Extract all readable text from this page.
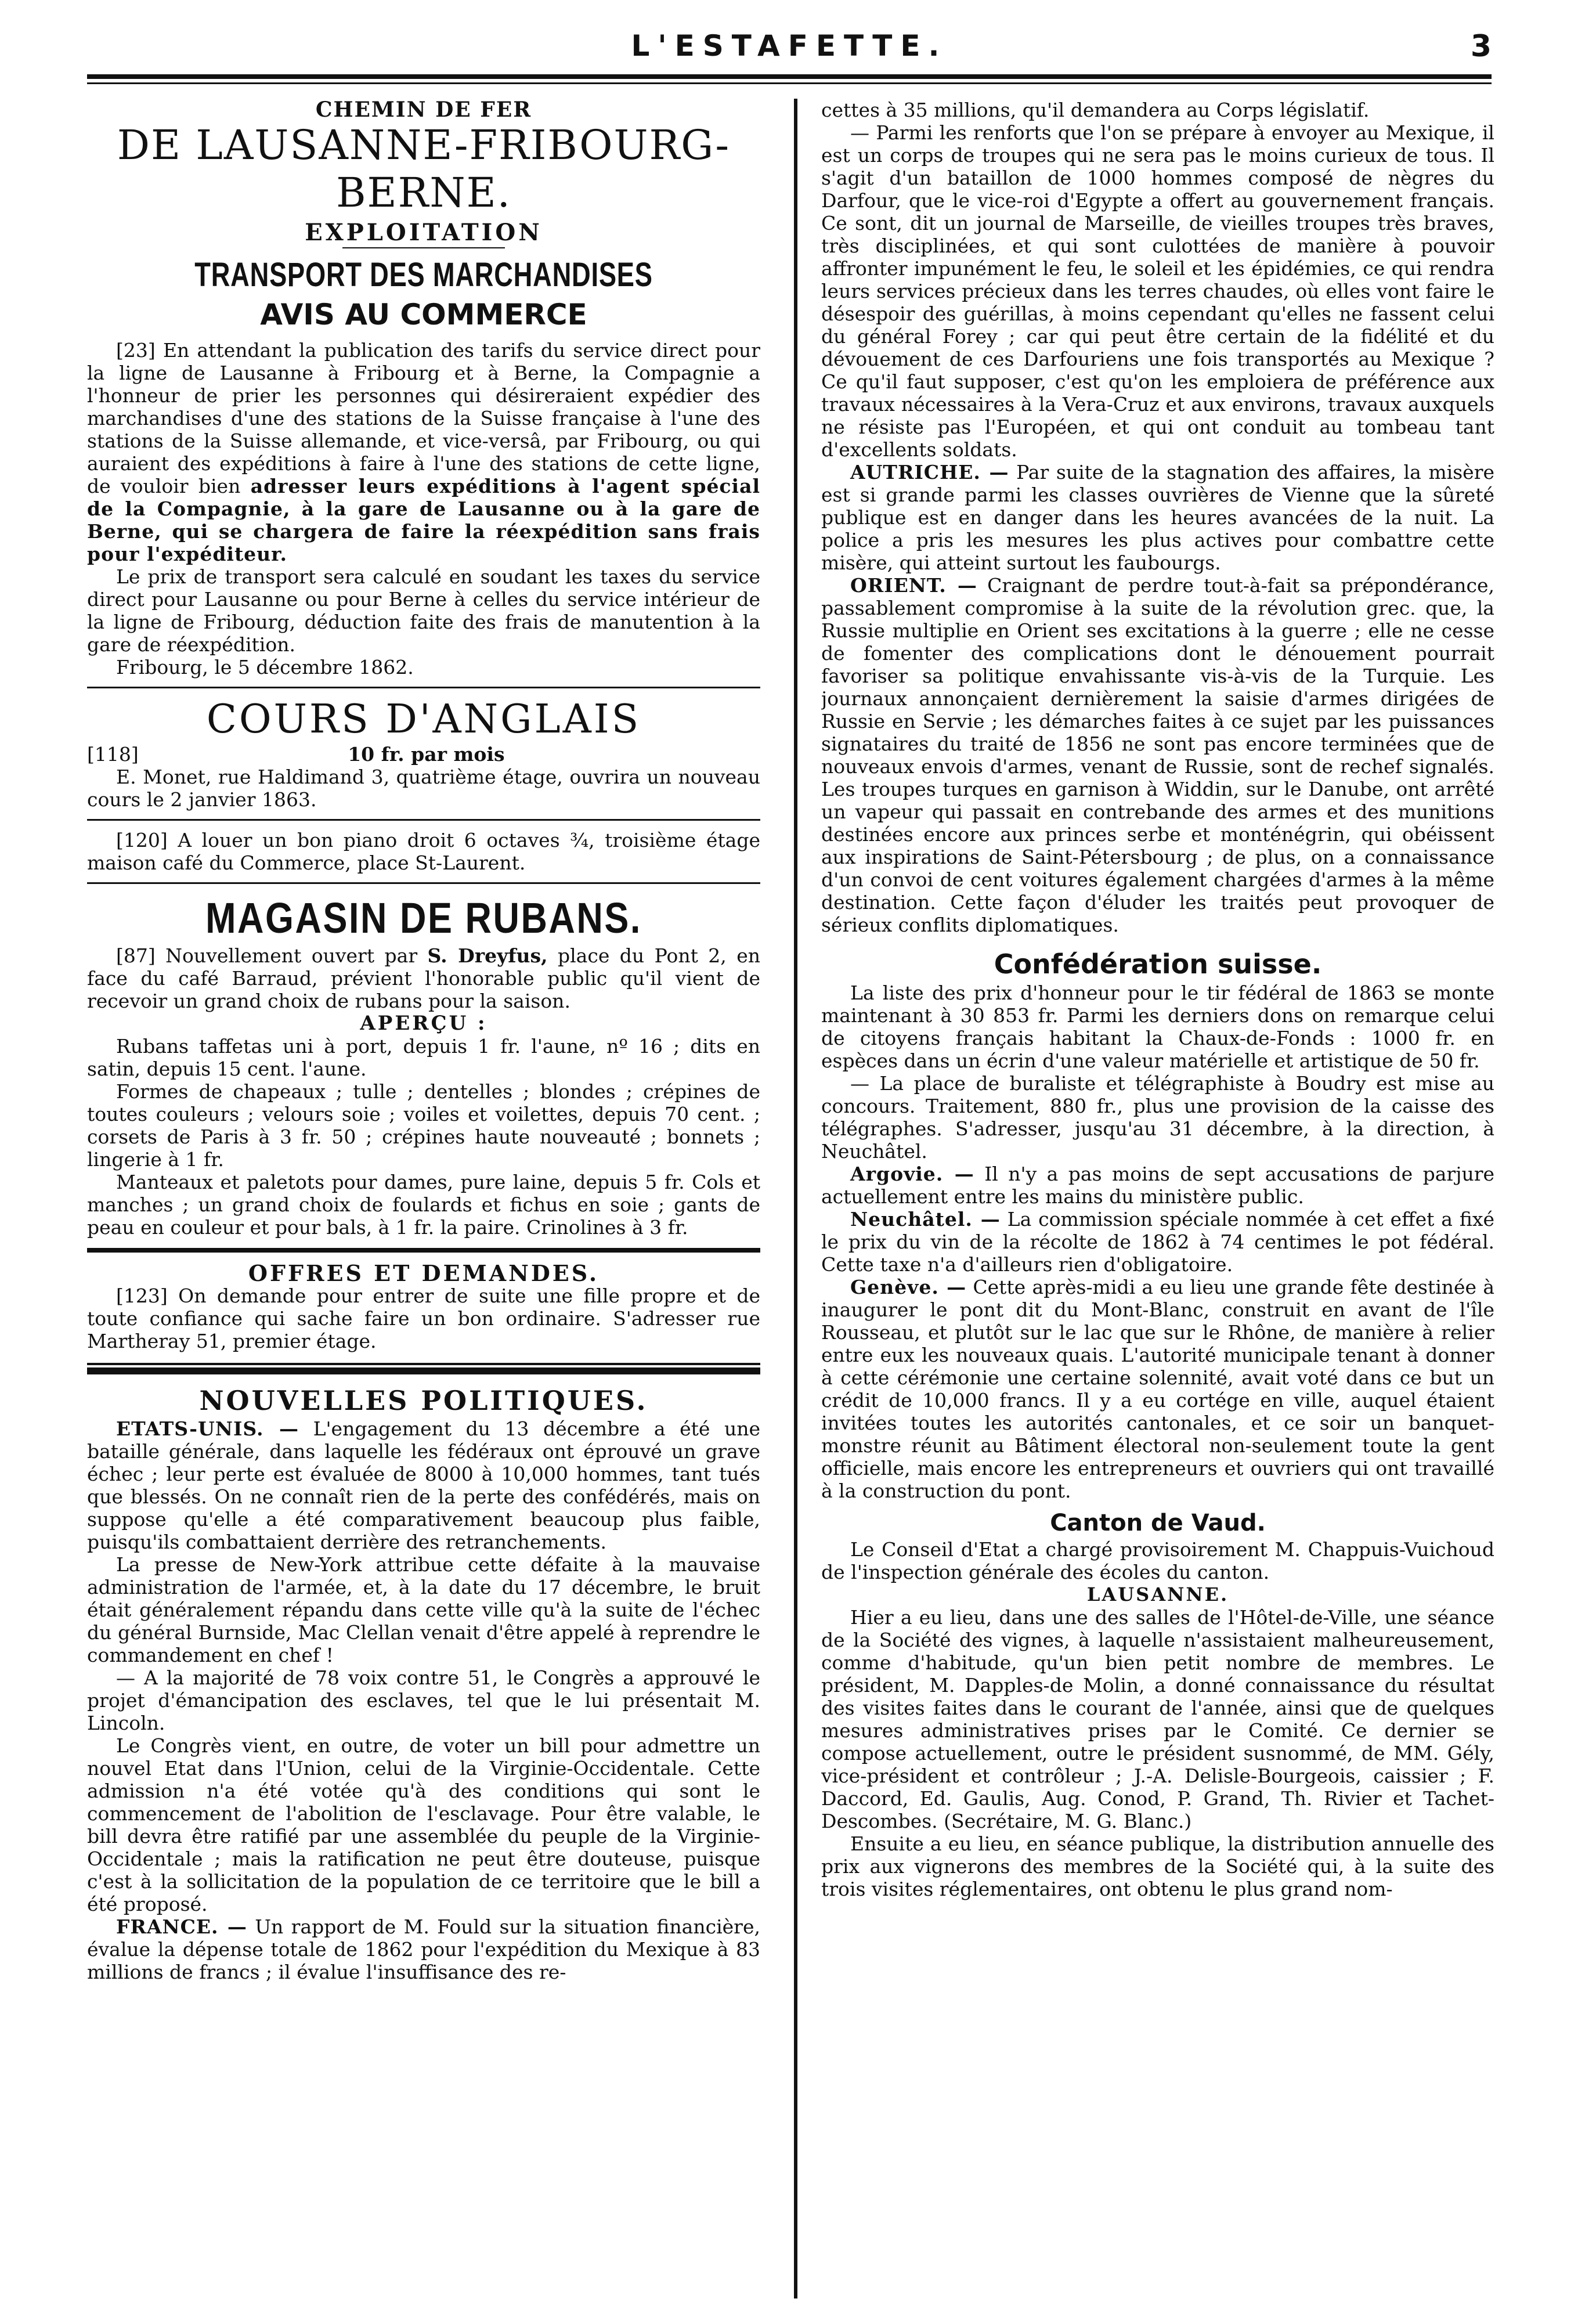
L'ESTAFETTE.	3
CHEMIN DE FER
DE LAUSANNE-FRIBOURG-BERNE.
EXPLOITATION
TRANSPORT DES MARCHANDISES
AVIS AU COMMERCE

[23] En attendant la publication des tarifs du service direct pour la ligne de Lausanne à Fribourg et à Berne, la Compagnie a l'honneur de prier les personnes qui désireraient expédier des marchandises d'une des stations de la Suisse française à l'une des stations de la Suisse allemande, et vice-versâ, par Fribourg, ou qui auraient des expéditions à faire à l'une des stations de cette ligne, de vouloir bien adresser leurs expéditions à l'agent spécial de la Compagnie, à la gare de Lausanne ou à la gare de Berne, qui se chargera de faire la réexpédition sans frais pour l'expéditeur.

Le prix de transport sera calculé en soudant les taxes du service direct pour Lausanne ou pour Berne à celles du service intérieur de la ligne de Fribourg, déduction faite des frais de manutention à la gare de réexpédition.

Fribourg, le 5 décembre 1862.

COURS D'ANGLAIS
[118]	10 fr. par mois

E. Monet, rue Haldimand 3, quatrième étage, ouvrira un nouveau cours le 2 janvier 1863.

[120] A louer un bon piano droit 6 octaves ¾, troisième étage maison café du Commerce, place St-Laurent.

MAGASIN DE RUBANS.

[87] Nouvellement ouvert par S. Dreyfus, place du Pont 2, en face du café Barraud, prévient l'honorable public qu'il vient de recevoir un grand choix de rubans pour la saison.

APERÇU :

Rubans taffetas uni à port, depuis 1 fr. l'aune, nº 16 ; dits en satin, depuis 15 cent. l'aune.

Formes de chapeaux ; tulle ; dentelles ; blondes ; crépines de toutes couleurs ; velours soie ; voiles et voilettes, depuis 70 cent. ; corsets de Paris à 3 fr. 50 ; crépines haute nouveauté ; bonnets ; lingerie à 1 fr.

Manteaux et paletots pour dames, pure laine, depuis 5 fr. Cols et manches ; un grand choix de foulards et fichus en soie ; gants de peau en couleur et pour bals, à 1 fr. la paire. Crinolines à 3 fr.

OFFRES ET DEMANDES.

[123] On demande pour entrer de suite une fille propre et de toute confiance qui sache faire un bon ordinaire. S'adresser rue Martheray 51, premier étage.

NOUVELLES POLITIQUES.

ETATS-UNIS. — L'engagement du 13 décembre a été une bataille générale, dans laquelle les fédéraux ont éprouvé un grave échec ; leur perte est évaluée de 8000 à 10,000 hommes, tant tués que blessés. On ne connaît rien de la perte des confédérés, mais on suppose qu'elle a été comparativement beaucoup plus faible, puisqu'ils combattaient derrière des retranchements.

La presse de New-York attribue cette défaite à la mauvaise administration de l'armée, et, à la date du 17 décembre, le bruit était généralement répandu dans cette ville qu'à la suite de l'échec du général Burnside, Mac Clellan venait d'être appelé à reprendre le commandement en chef !

— A la majorité de 78 voix contre 51, le Congrès a approuvé le projet d'émancipation des esclaves, tel que le lui présentait M. Lincoln.

Le Congrès vient, en outre, de voter un bill pour admettre un nouvel Etat dans l'Union, celui de la Virginie-Occidentale. Cette admission n'a été votée qu'à des conditions qui sont le commencement de l'abolition de l'esclavage. Pour être valable, le bill devra être ratifié par une assemblée du peuple de la Virginie-Occidentale ; mais la ratification ne peut être douteuse, puisque c'est à la sollicitation de la population de ce territoire que le bill a été proposé.

FRANCE. — Un rapport de M. Fould sur la situation financière, évalue la dépense totale de 1862 pour l'expédition du Mexique à 83 millions de francs ; il évalue l'insuffisance des re-

cettes à 35 millions, qu'il demandera au Corps législatif.

— Parmi les renforts que l'on se prépare à envoyer au Mexique, il est un corps de troupes qui ne sera pas le moins curieux de tous. Il s'agit d'un bataillon de 1000 hommes composé de nègres du Darfour, que le vice-roi d'Egypte a offert au gouvernement français. Ce sont, dit un journal de Marseille, de vieilles troupes très braves, très disciplinées, et qui sont culottées de manière à pouvoir affronter impunément le feu, le soleil et les épidémies, ce qui rendra leurs services précieux dans les terres chaudes, où elles vont faire le désespoir des guérillas, à moins cependant qu'elles ne fassent celui du général Forey ; car qui peut être certain de la fidélité et du dévouement de ces Darfouriens une fois transportés au Mexique ? Ce qu'il faut supposer, c'est qu'on les emploiera de préférence aux travaux nécessaires à la Vera-Cruz et aux environs, travaux auxquels ne résiste pas l'Européen, et qui ont conduit au tombeau tant d'excellents soldats.

AUTRICHE. — Par suite de la stagnation des affaires, la misère est si grande parmi les classes ouvrières de Vienne que la sûreté publique est en danger dans les heures avancées de la nuit. La police a pris les mesures les plus actives pour combattre cette misère, qui atteint surtout les faubourgs.

ORIENT. — Craignant de perdre tout-à-fait sa prépondérance, passablement compromise à la suite de la révolution grec. que, la Russie multiplie en Orient ses excitations à la guerre ; elle ne cesse de fomenter des complications dont le dénouement pourrait favoriser sa politique envahissante vis-à-vis de la Turquie. Les journaux annonçaient dernièrement la saisie d'armes dirigées de Russie en Servie ; les démarches faites à ce sujet par les puissances signataires du traité de 1856 ne sont pas encore terminées que de nouveaux envois d'armes, venant de Russie, sont de rechef signalés. Les troupes turques en garnison à Widdin, sur le Danube, ont arrêté un vapeur qui passait en contrebande des armes et des munitions destinées encore aux princes serbe et monténégrin, qui obéissent aux inspirations de Saint-Pétersbourg ; de plus, on a connaissance d'un convoi de cent voitures également chargées d'armes à la même destination. Cette façon d'éluder les traités peut provoquer de sérieux conflits diplomatiques.

Confédération suisse.

La liste des prix d'honneur pour le tir fédéral de 1863 se monte maintenant à 30 853 fr. Parmi les derniers dons on remarque celui de citoyens français habitant la Chaux-de-Fonds : 1000 fr. en espèces dans un écrin d'une valeur matérielle et artistique de 50 fr.

— La place de buraliste et télégraphiste à Boudry est mise au concours. Traitement, 880 fr., plus une provision de la caisse des télégraphes. S'adresser, jusqu'au 31 décembre, à la direction, à Neuchâtel.

Argovie. — Il n'y a pas moins de sept accusations de parjure actuellement entre les mains du ministère public.

Neuchâtel. — La commission spéciale nommée à cet effet a fixé le prix du vin de la récolte de 1862 à 74 centimes le pot fédéral. Cette taxe n'a d'ailleurs rien d'obligatoire.

Genève. — Cette après-midi a eu lieu une grande fête destinée à inaugurer le pont dit du Mont-Blanc, construit en avant de l'île Rousseau, et plutôt sur le lac que sur le Rhône, de manière à relier entre eux les nouveaux quais. L'autorité municipale tenant à donner à cette cérémonie une certaine solennité, avait voté dans ce but un crédit de 10,000 francs. Il y a eu cortége en ville, auquel étaient invitées toutes les autorités cantonales, et ce soir un banquet-monstre réunit au Bâtiment électoral non-seulement toute la gent officielle, mais encore les entrepreneurs et ouvriers qui ont travaillé à la construction du pont.

Canton de Vaud.

Le Conseil d'Etat a chargé provisoirement M. Chappuis-Vuichoud de l'inspection générale des écoles du canton.

LAUSANNE.

Hier a eu lieu, dans une des salles de l'Hôtel-de-Ville, une séance de la Société des vignes, à laquelle n'assistaient malheureusement, comme d'habitude, qu'un bien petit nombre de membres. Le président, M. Dapples-de Molin, a donné connaissance du résultat des visites faites dans le courant de l'année, ainsi que de quelques mesures administratives prises par le Comité. Ce dernier se compose actuellement, outre le président susnommé, de MM. Gély, vice-président et contrôleur ; J.-A. Delisle-Bourgeois, caissier ; F. Daccord, Ed. Gaulis, Aug. Conod, P. Grand, Th. Rivier et Tachet-Descombes. (Secrétaire, M. G. Blanc.)

Ensuite a eu lieu, en séance publique, la distribution annuelle des prix aux vignerons des membres de la Société qui, à la suite des trois visites réglementaires, ont obtenu le plus grand nom-
